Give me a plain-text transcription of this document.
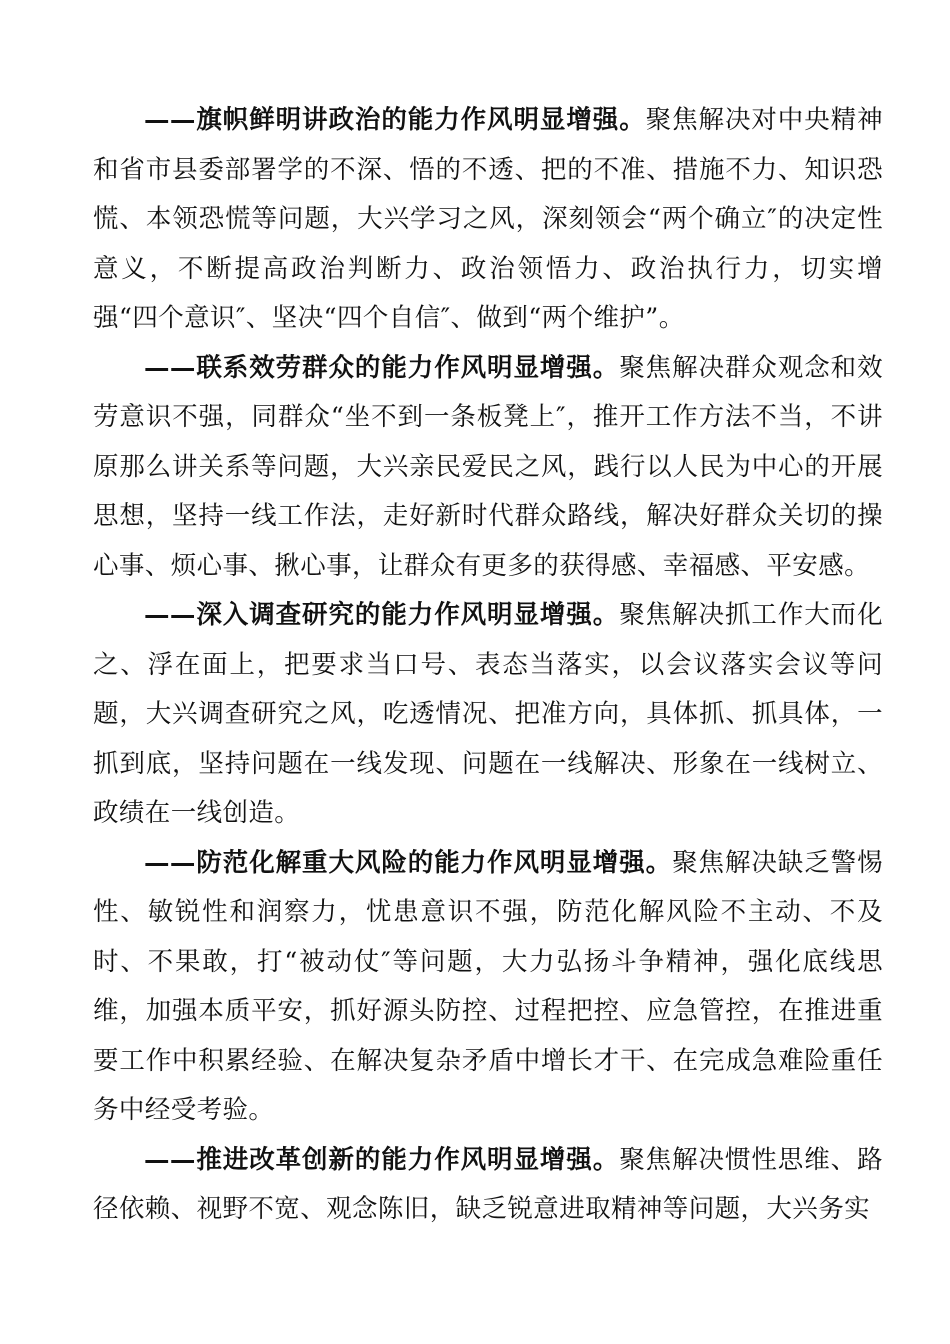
——旗帜鲜明讲政治的能力作风明显增强。聚焦解决对中央精神和省市县委部署学的不深、悟的不透、把的不准、措施不力、知识恐慌、本领恐慌等问题，大兴学习之风，深刻领会“两个确立″的决定性意义，不断提高政治判断力、政治领悟力、政治执行力，切实增强“四个意识″、坚决“四个自信″、做到“两个维护”。

——联系效劳群众的能力作风明显增强。聚焦解决群众观念和效劳意识不强，同群众“坐不到一条板凳上″，推开工作方法不当，不讲原那么讲关系等问题，大兴亲民爱民之风，践行以人民为中心的开展思想，坚持一线工作法，走好新时代群众路线，解决好群众关切的操心事、烦心事、揪心事，让群众有更多的获得感、幸福感、平安感。

——深入调查研究的能力作风明显增强。聚焦解决抓工作大而化之、浮在面上，把要求当口号、表态当落实，以会议落实会议等问题，大兴调查研究之风，吃透情况、把准方向，具体抓、抓具体，一抓到底，坚持问题在一线发现、问题在一线解决、形象在一线树立、政绩在一线创造。

——防范化解重大风险的能力作风明显增强。聚焦解决缺乏警惕性、敏锐性和润察力，忧患意识不强，防范化解风险不主动、不及时、不果敢，打“被动仗″等问题，大力弘扬斗争精神，强化底线思维，加强本质平安，抓好源头防控、过程把控、应急管控，在推进重要工作中积累经验、在解决复杂矛盾中增长才干、在完成急难险重任务中经受考验。

——推进改革创新的能力作风明显增强。聚焦解决惯性思维、路径依赖、视野不宽、观念陈旧，缺乏锐意进取精神等问题，大兴务实
